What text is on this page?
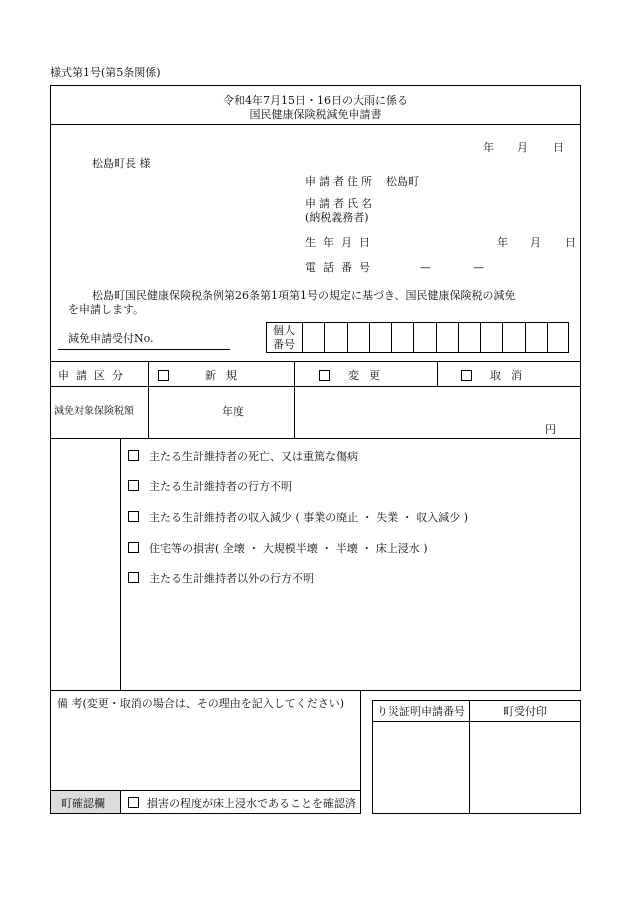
様式第1号(第5条関係)
令和4年7月15日・16日の大雨に係る
国民健康保険税減免申請書
年 月 日
松島町長 様
申請者住所 松島町
申請者氏名
(納税義務者)
生年月日	年 月 日
電話番号	—	—
松島町国民健康保険税条例第26条第1項第1号の規定に基づき、国民健康保険税の減免
を申請します。
減免申請受付No.
個人
番号
申請区分	新規	変更	取消
減免対象保険税額	年度
円
主たる生計維持者の死亡、又は重篤な傷病
主たる生計維持者の行方不明
主たる生計維持者の収入減少 ( 事業の廃止 ・ 失業 ・ 収入減少 )
住宅等の損害( 全壊 ・ 大規模半壊 ・ 半壊 ・ 床上浸水 )
主たる生計維持者以外の行方不明
備 考(変更・取消の場合は、その理由を記入してください)
町確認欄	損害の程度が床上浸水であることを確認済
り災証明申請番号	町受付印
